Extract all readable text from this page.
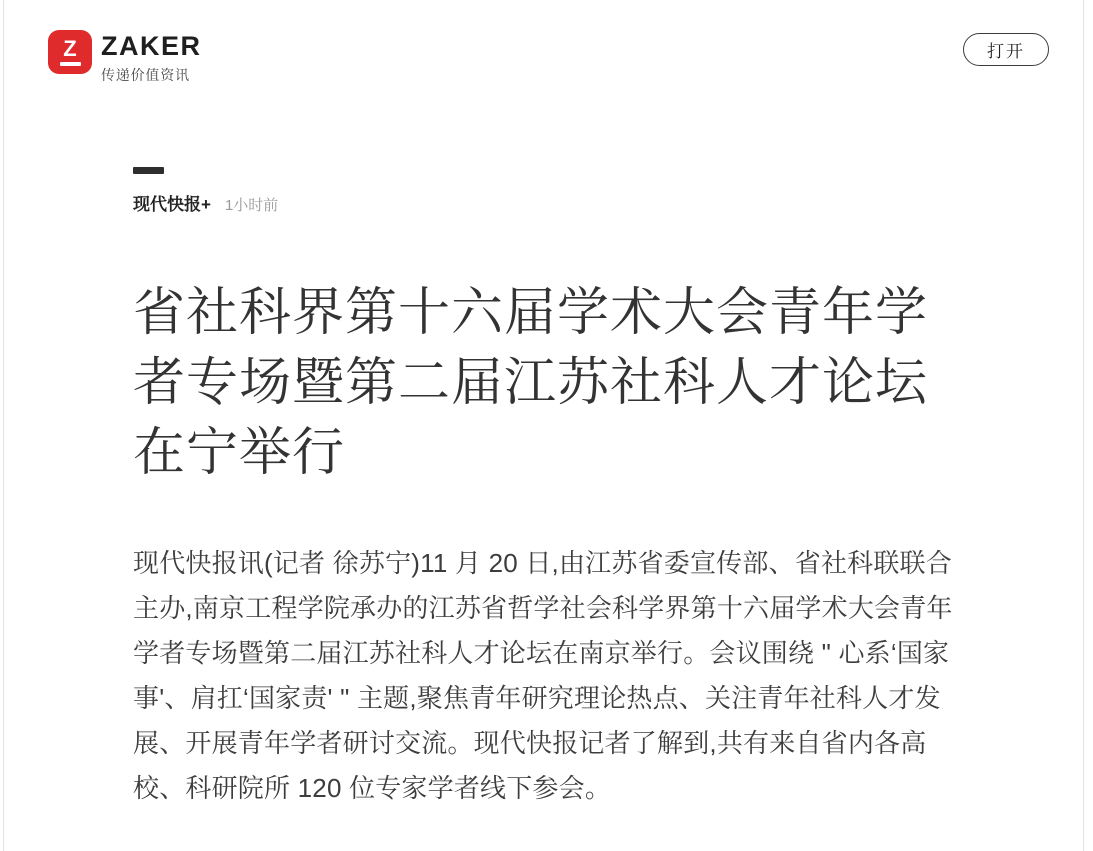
Z ZAKER
传递价值资讯
打开
现代快报+ 1小时前
省社科界第十六届学术大会青年学者专场暨第二届江苏社科人才论坛在宁举行

现代快报讯(记者 徐苏宁)11 月 20 日,由江苏省委宣传部、省社科联联合主办,南京工程学院承办的江苏省哲学社会科学界第十六届学术大会青年学者专场暨第二届江苏社科人才论坛在南京举行。会议围绕 " 心系‘国家事'、肩扛‘国家责' " 主题,聚焦青年研究理论热点、关注青年社科人才发展、开展青年学者研讨交流。现代快报记者了解到,共有来自省内各高校、科研院所 120 位专家学者线下参会。
